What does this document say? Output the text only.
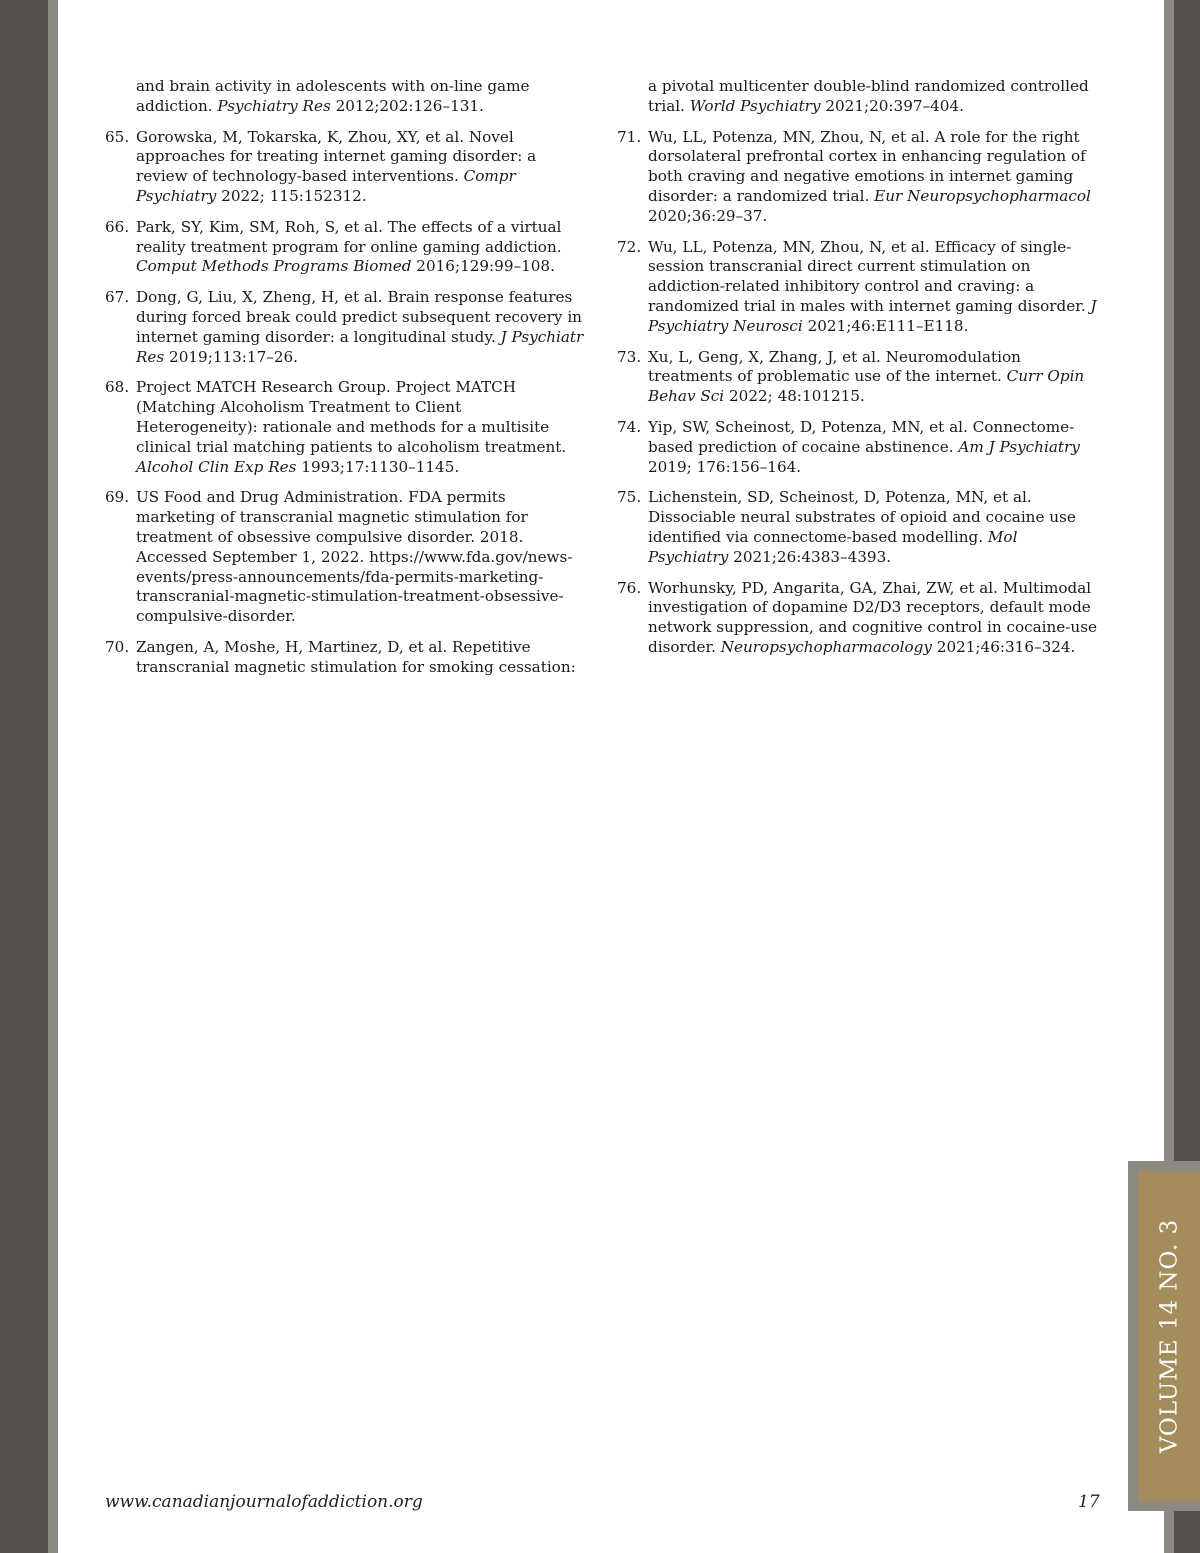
VOLUME 14 NO. 3
and brain activity in adolescents with on-line game addiction. Psychiatry Res 2012;202:126–131.
65. Gorowska, M, Tokarska, K, Zhou, XY, et al. Novel approaches for treating internet gaming disorder: a review of technology-based interventions. Compr Psychiatry 2022; 115:152312.
66. Park, SY, Kim, SM, Roh, S, et al. The effects of a virtual reality treatment program for online gaming addiction. Comput Methods Programs Biomed 2016;129:99–108.
67. Dong, G, Liu, X, Zheng, H, et al. Brain response features during forced break could predict subsequent recovery in internet gaming disorder: a longitudinal study. J Psychiatr Res 2019;113:17–26.
68. Project MATCH Research Group. Project MATCH (Matching Alcoholism Treatment to Client Heterogeneity): rationale and methods for a multisite clinical trial matching patients to alcoholism treatment. Alcohol Clin Exp Res 1993;17:1130–1145.
69. US Food and Drug Administration. FDA permits marketing of transcranial magnetic stimulation for treatment of obsessive compulsive disorder. 2018. Accessed September 1, 2022. https://www.fda.gov/news-events/press-announcements/fda-permits-marketing-transcranial-magnetic-stimulation-treatment-obsessive-compulsive-disorder.
70. Zangen, A, Moshe, H, Martinez, D, et al. Repetitive transcranial magnetic stimulation for smoking cessation:
a pivotal multicenter double-blind randomized controlled trial. World Psychiatry 2021;20:397–404.
71. Wu, LL, Potenza, MN, Zhou, N, et al. A role for the right dorsolateral prefrontal cortex in enhancing regulation of both craving and negative emotions in internet gaming disorder: a randomized trial. Eur Neuropsychopharmacol 2020;36:29–37.
72. Wu, LL, Potenza, MN, Zhou, N, et al. Efficacy of single-session transcranial direct current stimulation on addiction-related inhibitory control and craving: a randomized trial in males with internet gaming disorder. J Psychiatry Neurosci 2021;46:E111–E118.
73. Xu, L, Geng, X, Zhang, J, et al. Neuromodulation treatments of problematic use of the internet. Curr Opin Behav Sci 2022; 48:101215.
74. Yip, SW, Scheinost, D, Potenza, MN, et al. Connectome-based prediction of cocaine abstinence. Am J Psychiatry 2019; 176:156–164.
75. Lichenstein, SD, Scheinost, D, Potenza, MN, et al. Dissociable neural substrates of opioid and cocaine use identified via connectome-based modelling. Mol Psychiatry 2021;26:4383–4393.
76. Worhunsky, PD, Angarita, GA, Zhai, ZW, et al. Multimodal investigation of dopamine D2/D3 receptors, default mode network suppression, and cognitive control in cocaine-use disorder. Neuropsychopharmacology 2021;46:316–324.
www.canadianjournalofaddiction.org	17
